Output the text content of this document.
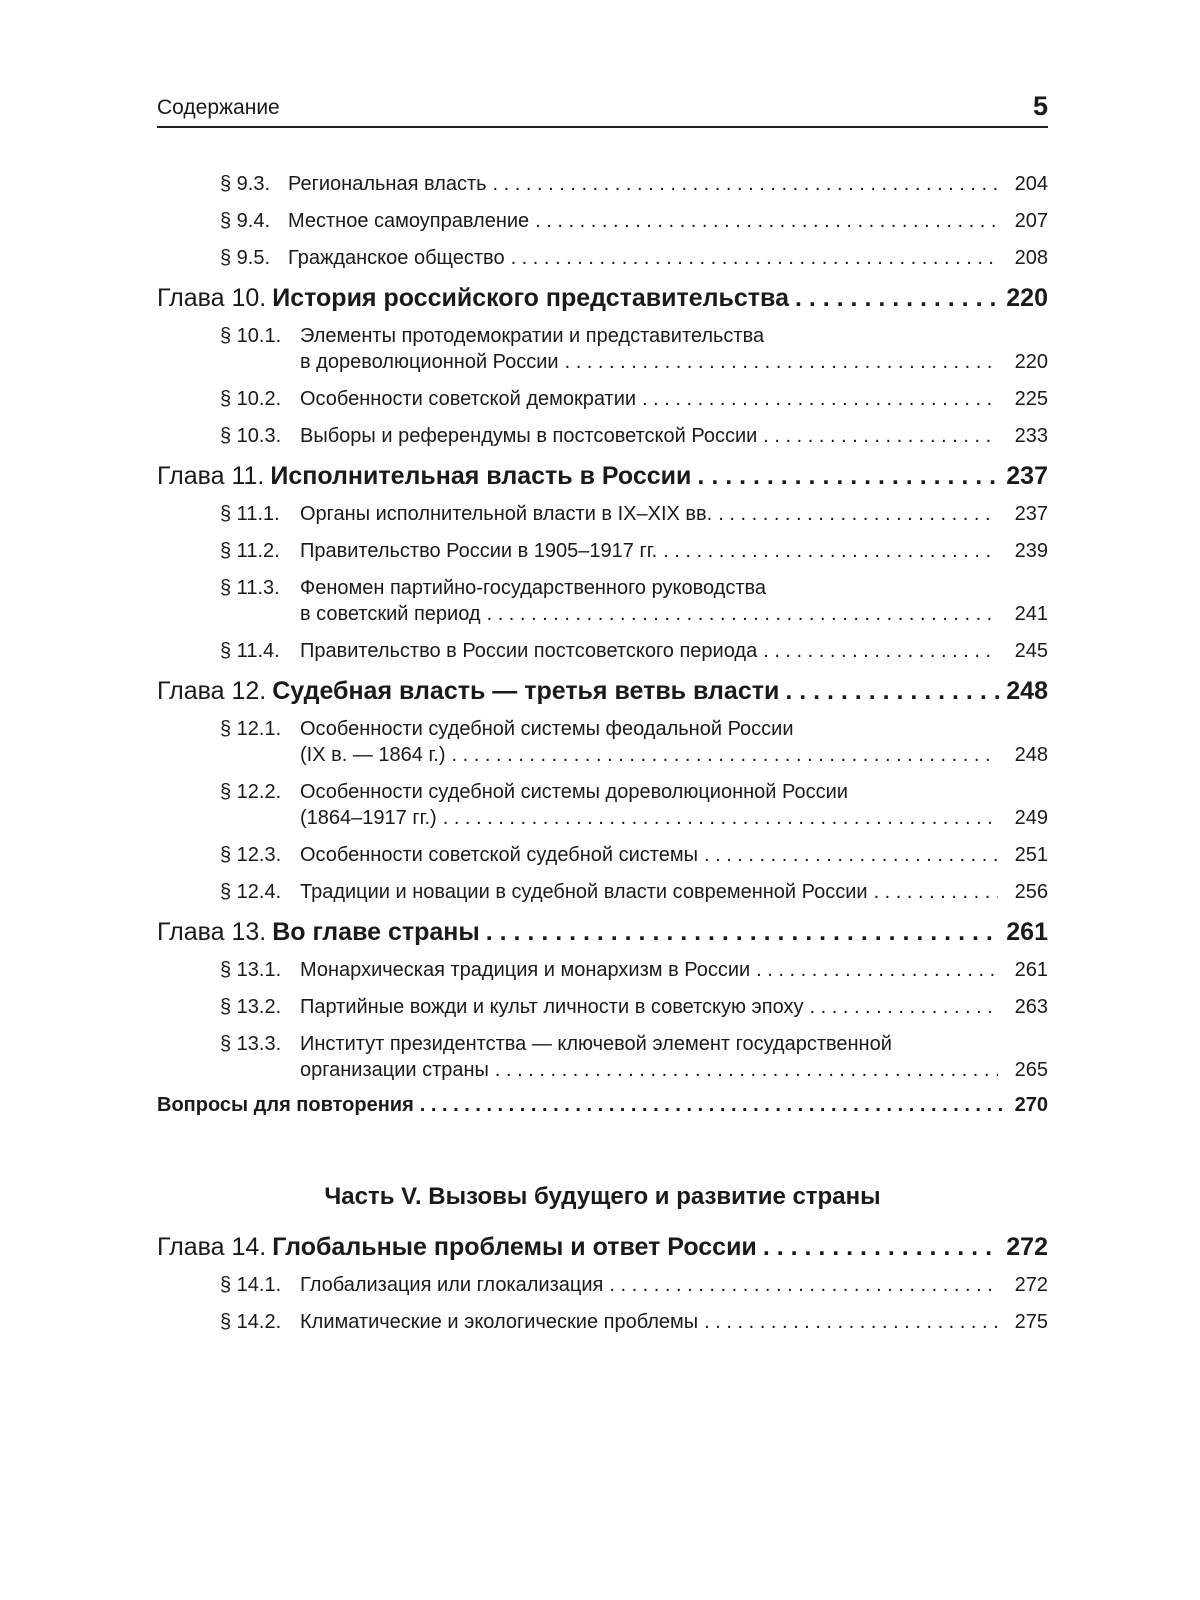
Содержание	5
§ 9.3. Региональная власть . . .	204
§ 9.4. Местное самоуправление . . .	207
§ 9.5. Гражданское общество . . .	208
Глава 10. История российского представительства . . .	220
§ 10.1. Элементы протодемократии и представительства
в дореволюционной России . . .	220
§ 10.2. Особенности советской демократии . . .	225
§ 10.3. Выборы и референдумы в постсоветской России . . .	233
Глава 11. Исполнительная власть в России . . .	237
§ 11.1.	Органы исполнительной власти в IX–XIX вв. . . .	237
§ 11.2.	Правительство России в 1905–1917 гг. . . .	239
§ 11.3. Феномен партийно-государственного руководства
в советский период . . .	241
§ 11.4.	Правительство в России постсоветского периода . . .	245
Глава 12. Судебная власть — третья ветвь власти . . .	248
§ 12.1. Особенности судебной системы феодальной России
(IX в. — 1864 г.) . . .	248
§ 12.2. Особенности судебной системы дореволюционной России
(1864–1917 гг.) . . .	249
§ 12.3. Особенности советской судебной системы . . .	251
§ 12.4. Традиции и новации в судебной власти современной России . . .	256
Глава 13. Во главе страны . . .	261
§ 13.1. Монархическая традиция и монархизм в России . . .	261
§ 13.2. Партийные вожди и культ личности в советскую эпоху . . .	263
§ 13.3. Институт президентства — ключевой элемент государственной
организации страны . . .	265
Вопросы для повторения . . .	270
Часть V. Вызовы будущего и развитие страны
Глава 14. Глобальные проблемы и ответ России . . .	272
§ 14.1. Глобализация или глокализация . . .	272
§ 14.2. Климатические и экологические проблемы . . .	275
